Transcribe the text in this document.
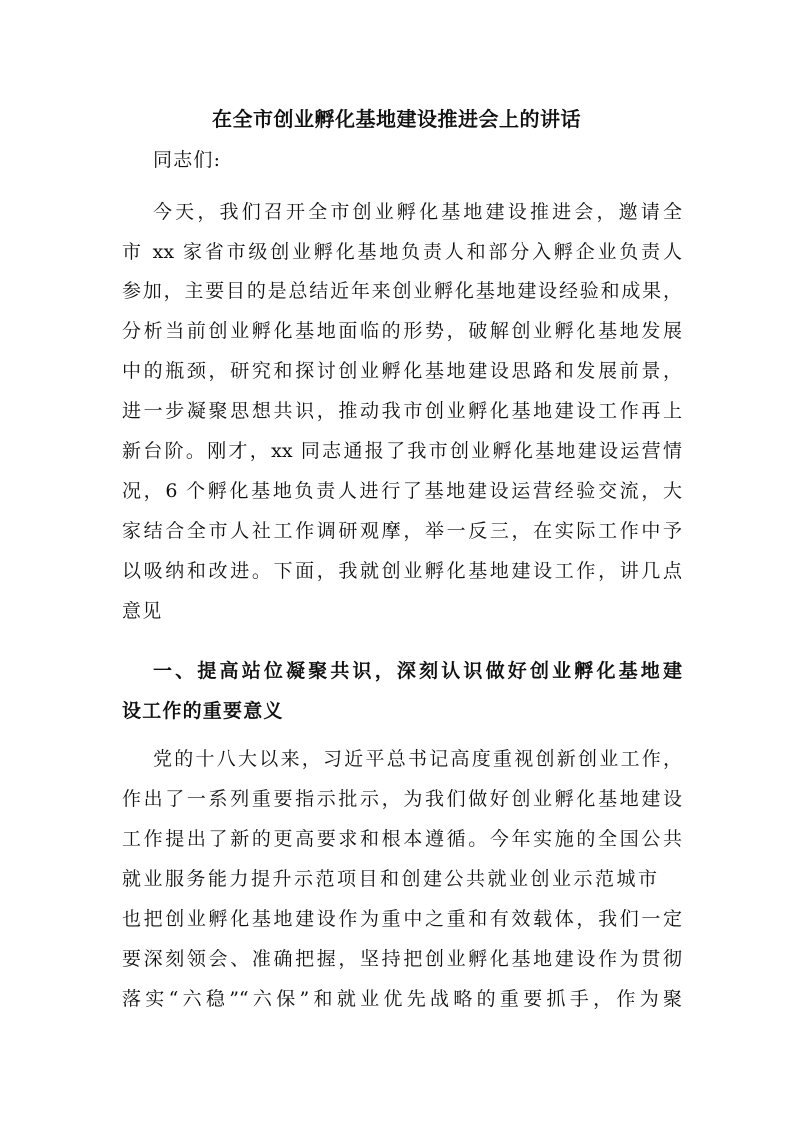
在全市创业孵化基地建设推进会上的讲话
同志们:
今天，我们召开全市创业孵化基地建设推进会，邀请全
市 xx 家省市级创业孵化基地负责人和部分入孵企业负责人
参加，主要目的是总结近年来创业孵化基地建设经验和成果，
分析当前创业孵化基地面临的形势，破解创业孵化基地发展
中的瓶颈，研究和探讨创业孵化基地建设思路和发展前景，
进一步凝聚思想共识，推动我市创业孵化基地建设工作再上
新台阶。刚才，xx 同志通报了我市创业孵化基地建设运营情
况，6 个孵化基地负责人进行了基地建设运营经验交流，大
家结合全市人社工作调研观摩，举一反三，在实际工作中予
以吸纳和改进。下面，我就创业孵化基地建设工作，讲几点
意见
一、提高站位凝聚共识，深刻认识做好创业孵化基地建
设工作的重要意义
党的十八大以来，习近平总书记高度重视创新创业工作，
作出了一系列重要指示批示，为我们做好创业孵化基地建设
工作提出了新的更高要求和根本遵循。今年实施的全国公共
就业服务能力提升示范项目和创建公共就业创业示范城市
也把创业孵化基地建设作为重中之重和有效载体，我们一定
要深刻领会、准确把握，坚持把创业孵化基地建设作为贯彻
落实“六稳”“六保”和就业优先战略的重要抓手，作为聚
